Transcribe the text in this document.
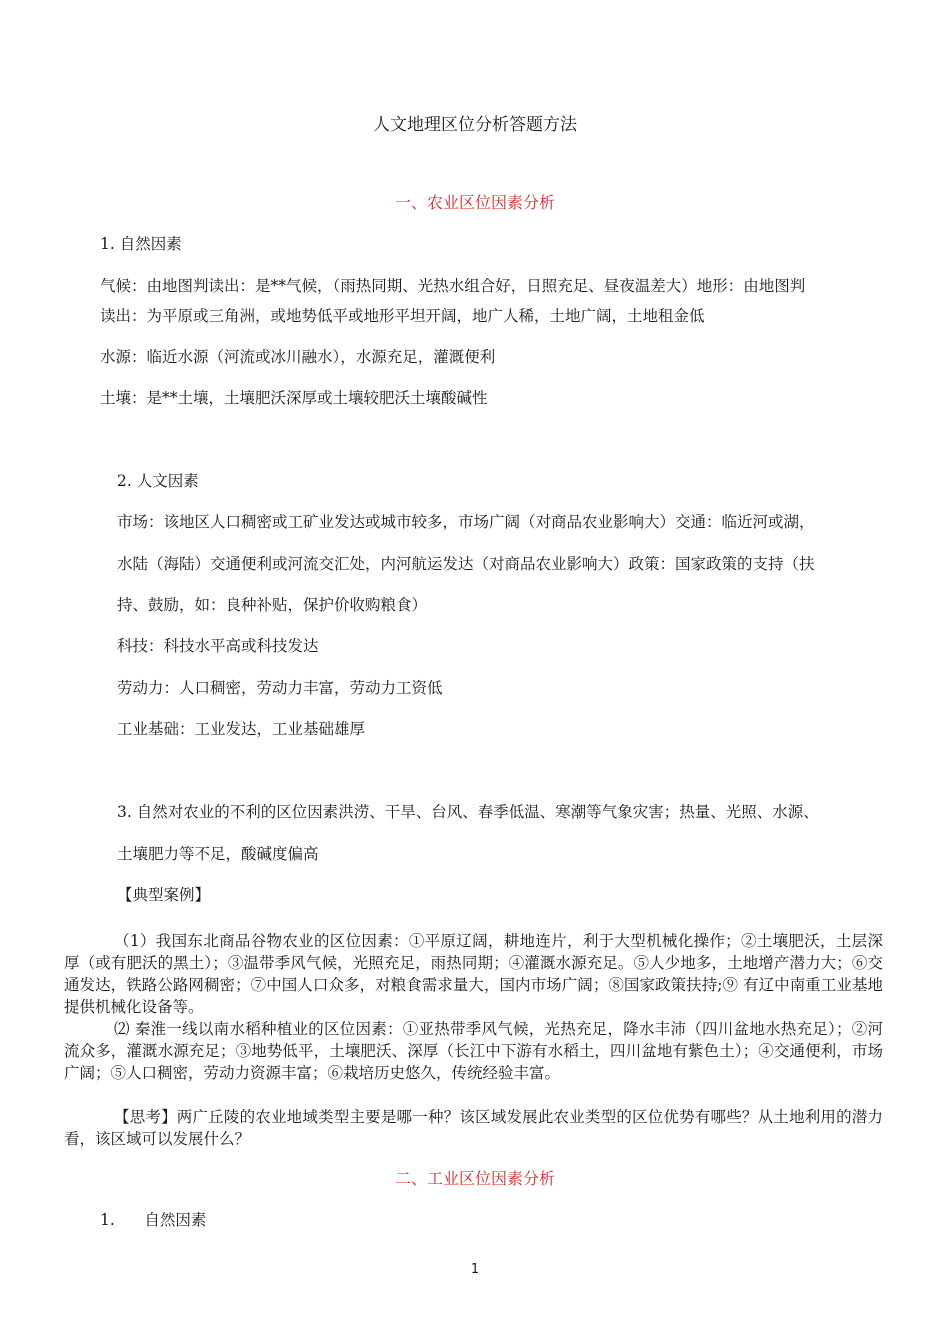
人文地理区位分析答题方法
一、农业区位因素分析
1. 自然因素
气候：由地图判读出：是**气候，（雨热同期、光热水组合好，日照充足、昼夜温差大）地形：由地图判
读出：为平原或三角洲，或地势低平或地形平坦开阔，地广人稀，土地广阔，土地租金低
水源：临近水源（河流或冰川融水），水源充足，灌溉便利
土壤：是**土壤，土壤肥沃深厚或土壤较肥沃土壤酸碱性
2. 人文因素
市场：该地区人口稠密或工矿业发达或城市较多，市场广阔（对商品农业影响大）交通：临近河或湖，
水陆（海陆）交通便利或河流交汇处，内河航运发达（对商品农业影响大）政策：国家政策的支持（扶
持、鼓励，如：良种补贴，保护价收购粮食）
科技：科技水平高或科技发达
劳动力：人口稠密，劳动力丰富，劳动力工资低
工业基础：工业发达，工业基础雄厚
3. 自然对农业的不利的区位因素洪涝、干旱、台风、春季低温、寒潮等气象灾害；热量、光照、水源、
土壤肥力等不足，酸碱度偏高
【典型案例】

（1）我国东北商品谷物农业的区位因素：①平原辽阔，耕地连片，利于大型机械化操作；②土壤肥沃，土层深厚（或有肥沃的黑土）；③温带季风气候，光照充足，雨热同期；④灌溉水源充足。⑤人少地多，土地增产潜力大；⑥交通发达，铁路公路网稠密；⑦中国人口众多，对粮食需求量大，国内市场广阔；⑧国家政策扶持;⑨ 有辽中南重工业基地提供机械化设备等。

⑵ 秦淮一线以南水稻种植业的区位因素：①亚热带季风气候，光热充足，降水丰沛（四川盆地水热充足）；②河流众多，灌溉水源充足；③地势低平，土壤肥沃、深厚（长江中下游有水稻土，四川盆地有紫色土）；④交通便利，市场广阔；⑤人口稠密，劳动力资源丰富；⑥栽培历史悠久，传统经验丰富。

【思考】两广丘陵的农业地域类型主要是哪一种？该区域发展此农业类型的区位优势有哪些？从土地利用的潜力看，该区域可以发展什么？

二、工业区位因素分析
1.      自然因素
1
